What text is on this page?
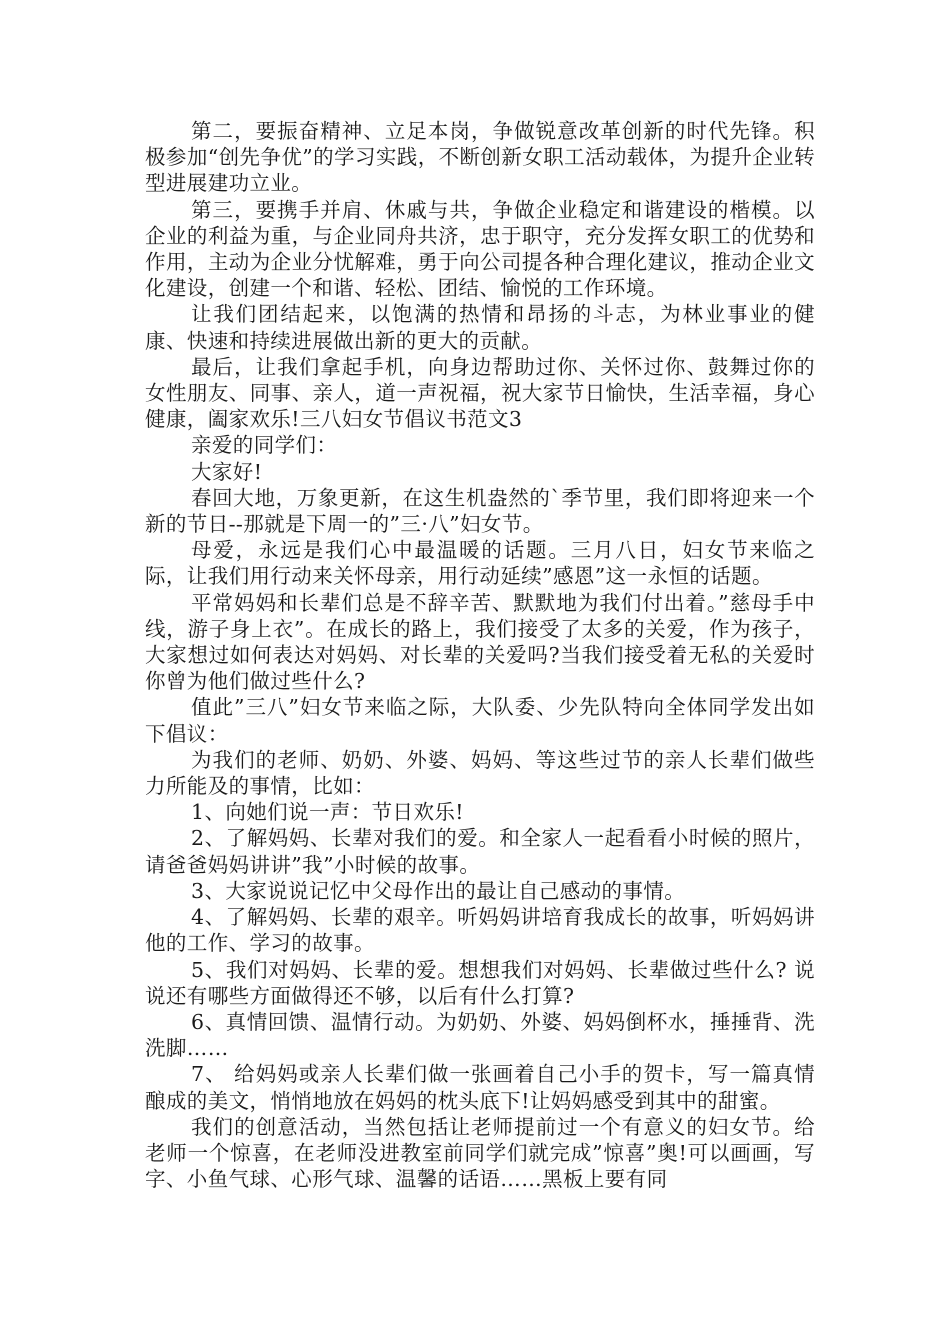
第二，要振奋精神、立足本岗，争做锐意改革创新的时代先锋。积极参加“创先争优”的学习实践，不断创新女职工活动载体，为提升企业转型进展建功立业。

第三，要携手并肩、休戚与共，争做企业稳定和谐建设的楷模。以企业的利益为重，与企业同舟共济，忠于职守，充分发挥女职工的优势和作用，主动为企业分忧解难，勇于向公司提各种合理化建议，推动企业文化建设，创建一个和谐、轻松、团结、愉悦的工作环境。

让我们团结起来，以饱满的热情和昂扬的斗志，为林业事业的健康、快速和持续进展做出新的更大的贡献。

最后，让我们拿起手机，向身边帮助过你、关怀过你、鼓舞过你的女性朋友、同事、亲人，道一声祝福，祝大家节日愉快，生活幸福，身心健康，阖家欢乐!三八妇女节倡议书范文3

亲爱的同学们：

大家好!

春回大地，万象更新，在这生机盎然的`季节里，我们即将迎来一个新的节日--那就是下周一的”三·八”妇女节。

母爱，永远是我们心中最温暖的话题。三月八日，妇女节来临之际，让我们用行动来关怀母亲，用行动延续”感恩”这一永恒的话题。

平常妈妈和长辈们总是不辞辛苦、默默地为我们付出着。”慈母手中线，游子身上衣”。在成长的路上，我们接受了太多的关爱，作为孩子，大家想过如何表达对妈妈、对长辈的关爱吗?当我们接受着无私的关爱时你曾为他们做过些什么?

值此”三八”妇女节来临之际，大队委、少先队特向全体同学发出如下倡议：

为我们的老师、奶奶、外婆、妈妈、等这些过节的亲人长辈们做些力所能及的事情，比如：

1、向她们说一声：节日欢乐!

2、了解妈妈、长辈对我们的爱。和全家人一起看看小时候的照片，请爸爸妈妈讲讲”我”小时候的故事。

3、大家说说记忆中父母作出的最让自己感动的事情。

4、了解妈妈、长辈的艰辛。听妈妈讲培育我成长的故事，听妈妈讲他的工作、学习的故事。

5、我们对妈妈、长辈的爱。想想我们对妈妈、长辈做过些什么? 说说还有哪些方面做得还不够，以后有什么打算?

6、真情回馈、温情行动。为奶奶、外婆、妈妈倒杯水，捶捶背、洗洗脚……

7、 给妈妈或亲人长辈们做一张画着自己小手的贺卡，写一篇真情酿成的美文，悄悄地放在妈妈的枕头底下!让妈妈感受到其中的甜蜜。

我们的创意活动，当然包括让老师提前过一个有意义的妇女节。给老师一个惊喜，在老师没进教室前同学们就完成”惊喜”奥!可以画画，写字、小鱼气球、心形气球、温馨的话语……黑板上要有同
